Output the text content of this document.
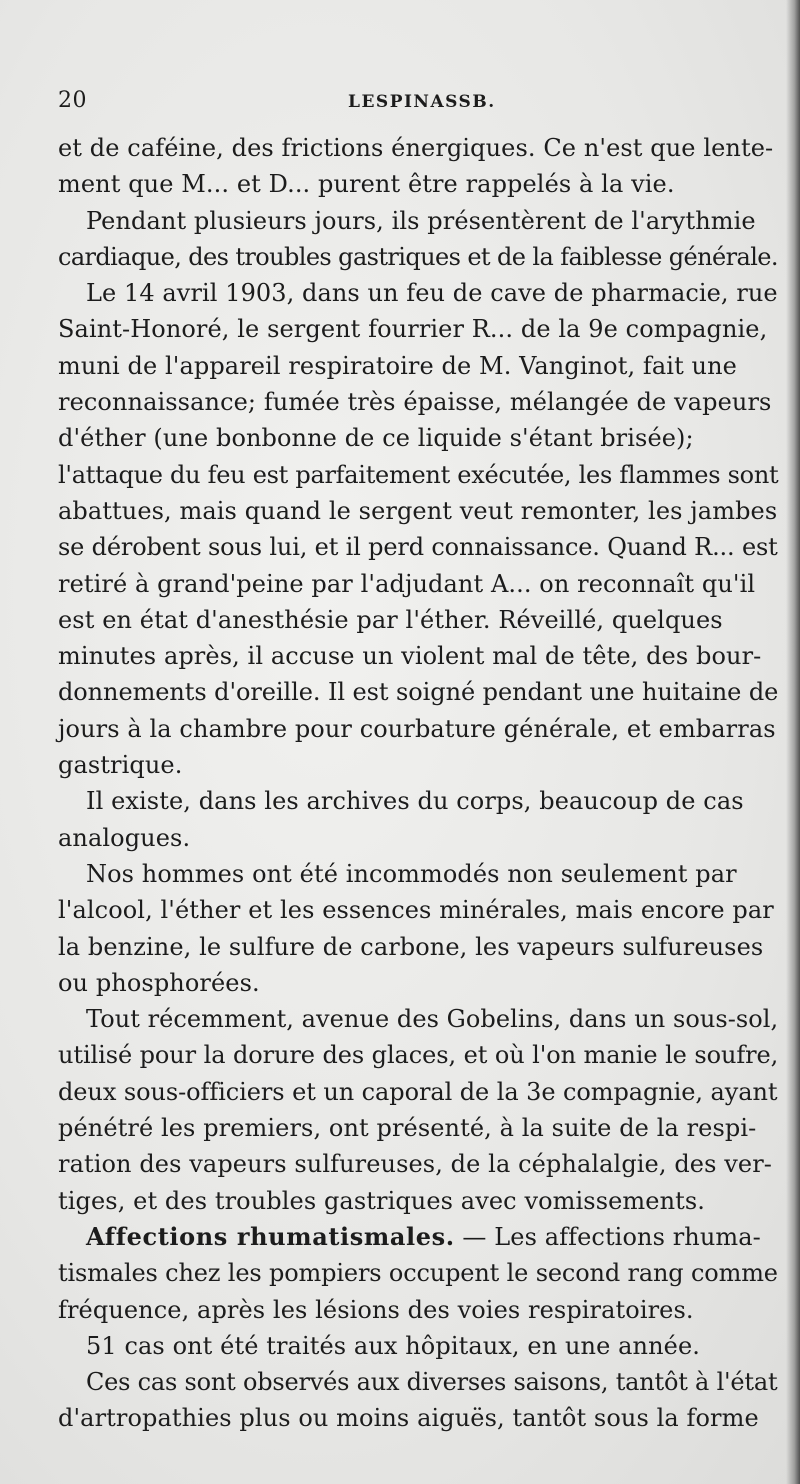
20	LESPINASSB.
et de caféine, des frictions énergiques. Ce n'est que lente-
ment que M... et D... purent être rappelés à la vie.
Pendant plusieurs jours, ils présentèrent de l'arythmie
cardiaque, des troubles gastriques et de la faiblesse générale.
Le 14 avril 1903, dans un feu de cave de pharmacie, rue
Saint-Honoré, le sergent fourrier R... de la 9e compagnie,
muni de l'appareil respiratoire de M. Vanginot, fait une
reconnaissance; fumée très épaisse, mélangée de vapeurs
d'éther (une bonbonne de ce liquide s'étant brisée);
l'attaque du feu est parfaitement exécutée, les flammes sont
abattues, mais quand le sergent veut remonter, les jambes
se dérobent sous lui, et il perd connaissance. Quand R... est
retiré à grand'peine par l'adjudant A... on reconnaît qu'il
est en état d'anesthésie par l'éther. Réveillé, quelques
minutes après, il accuse un violent mal de tête, des bour-
donnements d'oreille. Il est soigné pendant une huitaine de
jours à la chambre pour courbature générale, et embarras
gastrique.
Il existe, dans les archives du corps, beaucoup de cas
analogues.
Nos hommes ont été incommodés non seulement par
l'alcool, l'éther et les essences minérales, mais encore par
la benzine, le sulfure de carbone, les vapeurs sulfureuses
ou phosphorées.
Tout récemment, avenue des Gobelins, dans un sous-sol,
utilisé pour la dorure des glaces, et où l'on manie le soufre,
deux sous-officiers et un caporal de la 3e compagnie, ayant
pénétré les premiers, ont présenté, à la suite de la respi-
ration des vapeurs sulfureuses, de la céphalalgie, des ver-
tiges, et des troubles gastriques avec vomissements.
Affections rhumatismales. — Les affections rhuma-
tismales chez les pompiers occupent le second rang comme
fréquence, après les lésions des voies respiratoires.
51 cas ont été traités aux hôpitaux, en une année.
Ces cas sont observés aux diverses saisons, tantôt à l'état
d'artropathies plus ou moins aiguës, tantôt sous la forme
